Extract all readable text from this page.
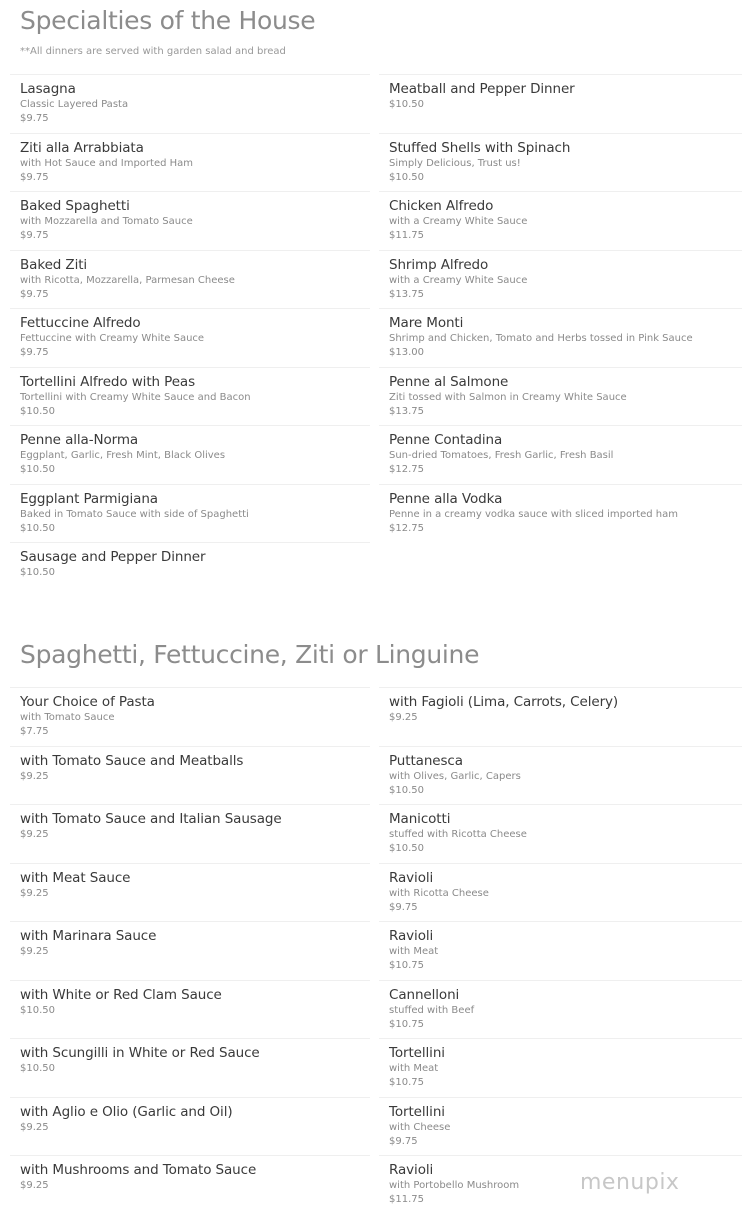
Specialties of the House
**All dinners are served with garden salad and bread
Lasagna
Classic Layered Pasta
$9.75
Ziti alla Arrabbiata
with Hot Sauce and Imported Ham
$9.75
Baked Spaghetti
with Mozzarella and Tomato Sauce
$9.75
Baked Ziti
with Ricotta, Mozzarella, Parmesan Cheese
$9.75
Fettuccine Alfredo
Fettuccine with Creamy White Sauce
$9.75
Tortellini Alfredo with Peas
Tortellini with Creamy White Sauce and Bacon
$10.50
Penne alla-Norma
Eggplant, Garlic, Fresh Mint, Black Olives
$10.50
Eggplant Parmigiana
Baked in Tomato Sauce with side of Spaghetti
$10.50
Sausage and Pepper Dinner
$10.50
Meatball and Pepper Dinner
$10.50
Stuffed Shells with Spinach
Simply Delicious, Trust us!
$10.50
Chicken Alfredo
with a Creamy White Sauce
$11.75
Shrimp Alfredo
with a Creamy White Sauce
$13.75
Mare Monti
Shrimp and Chicken, Tomato and Herbs tossed in Pink Sauce
$13.00
Penne al Salmone
Ziti tossed with Salmon in Creamy White Sauce
$13.75
Penne Contadina
Sun-dried Tomatoes, Fresh Garlic, Fresh Basil
$12.75
Penne alla Vodka
Penne in a creamy vodka sauce with sliced imported ham
$12.75
Spaghetti, Fettuccine, Ziti or Linguine
Your Choice of Pasta
with Tomato Sauce
$7.75
with Tomato Sauce and Meatballs
$9.25
with Tomato Sauce and Italian Sausage
$9.25
with Meat Sauce
$9.25
with Marinara Sauce
$9.25
with White or Red Clam Sauce
$10.50
with Scungilli in White or Red Sauce
$10.50
with Aglio e Olio (Garlic and Oil)
$9.25
with Mushrooms and Tomato Sauce
$9.25
with Fagioli (Lima, Carrots, Celery)
$9.25
Puttanesca
with Olives, Garlic, Capers
$10.50
Manicotti
stuffed with Ricotta Cheese
$10.50
Ravioli
with Ricotta Cheese
$9.75
Ravioli
with Meat
$10.75
Cannelloni
stuffed with Beef
$10.75
Tortellini
with Meat
$10.75
Tortellini
with Cheese
$9.75
Ravioli
with Portobello Mushroom
$11.75
menupix
